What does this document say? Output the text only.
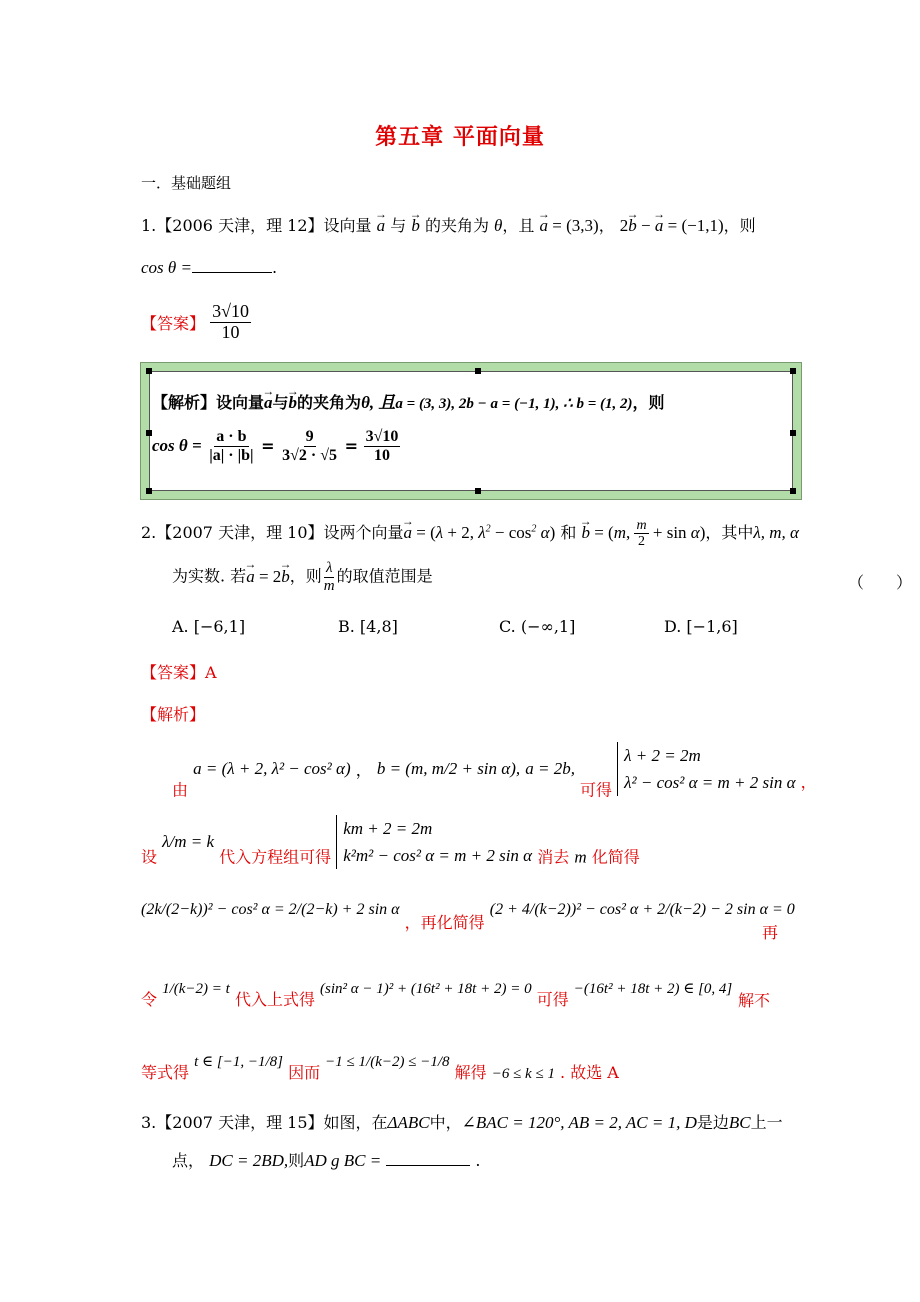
第五章 平面向量
一．基础题组
1.【2006 天津，理 12】设向量 → a 与 → b 的夹角为 θ，且 → a = (3,3)， 2→ b − → a = (−1,1)，则
cos θ =	.
【答案】 $\frac{3√10}{10}$
【解析】设向量→ a与→ b的夹角为θ, 且a = (3, 3), 2b − a = (−1, 1), ∴ b = (1, 2)，则
$\cos \theta = \frac{a \cdot b}{|a| \cdot |b|} = \frac{9}{3√2 \cdot √5} = \frac{3√10}{10}$
2.【2007 天津，理 10】设两个向量→ a = (λ + 2, $\lambda^2 - \cos^2 \alpha$) 和 → b = (m, $\frac{m}{2} + \sin \alpha$)，其中λ, m, α
为实数. 若→ a = 2→ b，则 $\frac{\lambda}{m}$ 的取值范围是	（　　）
A. [−6,1]	B. [4,8]	C. (−∞,1]	D. [−1,6]
【答案】A
【解析】
由 a = (λ + 2, λ² − cos² α) ， b = (m, m/2 + sin α), a = 2b, 可得
λ + 2 = 2m
λ² − cos² α = m + 2 sin α ，
设 λ/m = k 代入方程组可得
km + 2 = 2m
k²m² − cos² α = m + 2 sin α 消去 m 化简得
(2k/(2−k))² − cos² α = 2/(2−k) + 2 sin α ，再化简得 (2 + 4/(k−2))² − cos² α + 2/(k−2) − 2 sin α = 0
再
令 1/(k−2) = t 代入上式得 (sin² α − 1)² + (16t² + 18t + 2) = 0 可得 −(16t² + 18t + 2) ∈ [0, 4]
解不
等式得 t ∈ [−1, −1/8] 因而 −1 ≤ 1/(k−2) ≤ −1/8 解得 −6 ≤ k ≤ 1 . 故选 A
3.【2007 天津，理 15】如图，在ΔABC中，∠BAC = 120°, AB = 2, AC = 1, D是边BC上一
点， DC = 2BD,则AD g BC =	.
